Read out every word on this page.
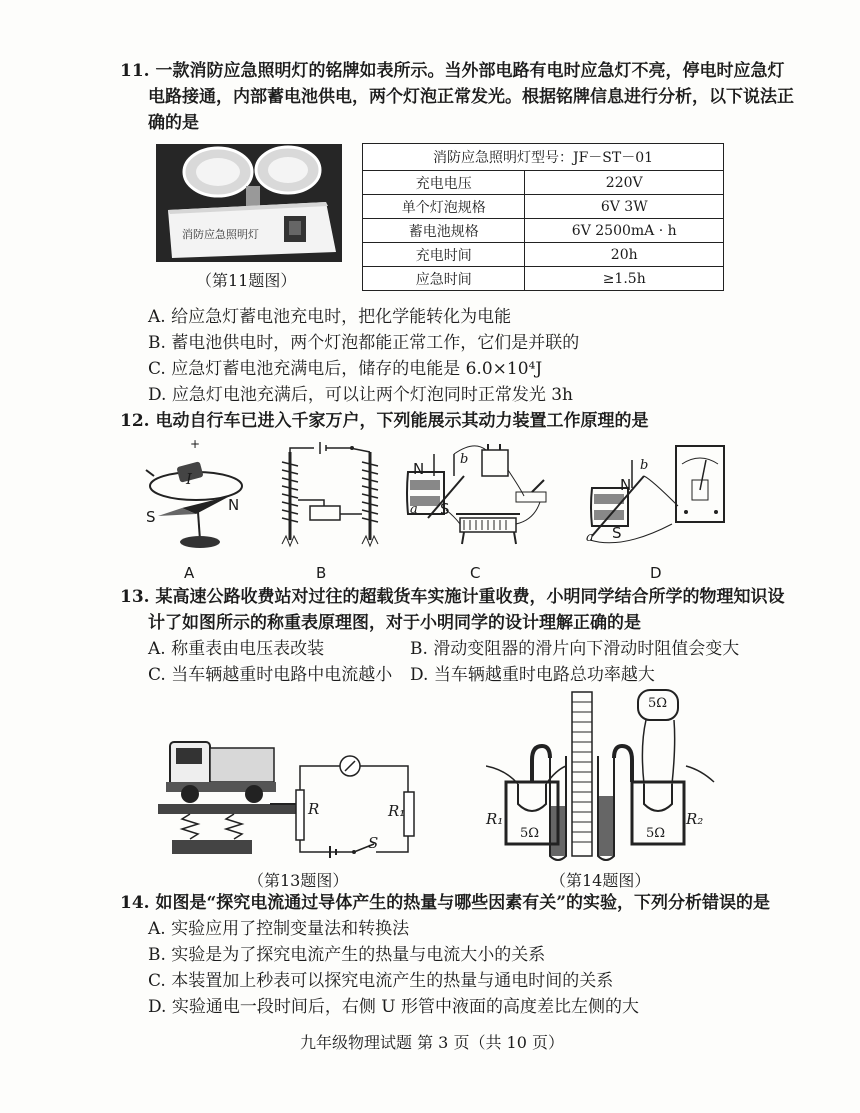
11. 一款消防应急照明灯的铭牌如表所示。当外部电路有电时应急灯不亮，停电时应急灯
电路接通，内部蓄电池供电，两个灯泡正常发光。根据铭牌信息进行分析，以下说法正
确的是
消防应急照明灯
（第11题图）
消防应急照明灯型号：JF－ST－01	
充电电压	220V
单个灯泡规格	6V 3W
蓄电池规格	6V 2500mA · h
充电时间	20h
应急时间	≥1.5h
A. 给应急灯蓄电池充电时，把化学能转化为电能
B. 蓄电池供电时，两个灯泡都能正常工作，它们是并联的
C. 应急灯蓄电池充满电后，储存的电能是 6.0×10⁴J
D. 应急灯电池充满后，可以让两个灯泡同时正常发光 3h
12. 电动自行车已进入千家万户，下列能展示其动力装置工作原理的是
+
I
N
S
N
S
b
a
N
S
b
a
A	B	C	D
13. 某高速公路收费站对过往的超载货车实施计重收费，小明同学结合所学的物理知识设
计了如图所示的称重表原理图，对于小明同学的设计理解正确的是
A. 称重表由电压表改装	B. 滑动变阻器的滑片向下滑动时阻值会变大
C. 当车辆越重时电路中电流越小 D. 当车辆越重时电路总功率越大
R	R₁
S
（第13题图）
5Ω
5Ω	5Ω
R₁	R₂
（第14题图）
14. 如图是“探究电流通过导体产生的热量与哪些因素有关”的实验，下列分析错误的是
A. 实验应用了控制变量法和转换法
B. 实验是为了探究电流产生的热量与电流大小的关系
C. 本装置加上秒表可以探究电流产生的热量与通电时间的关系
D. 实验通电一段时间后，右侧 U 形管中液面的高度差比左侧的大
九年级物理试题 第 3 页（共 10 页）
